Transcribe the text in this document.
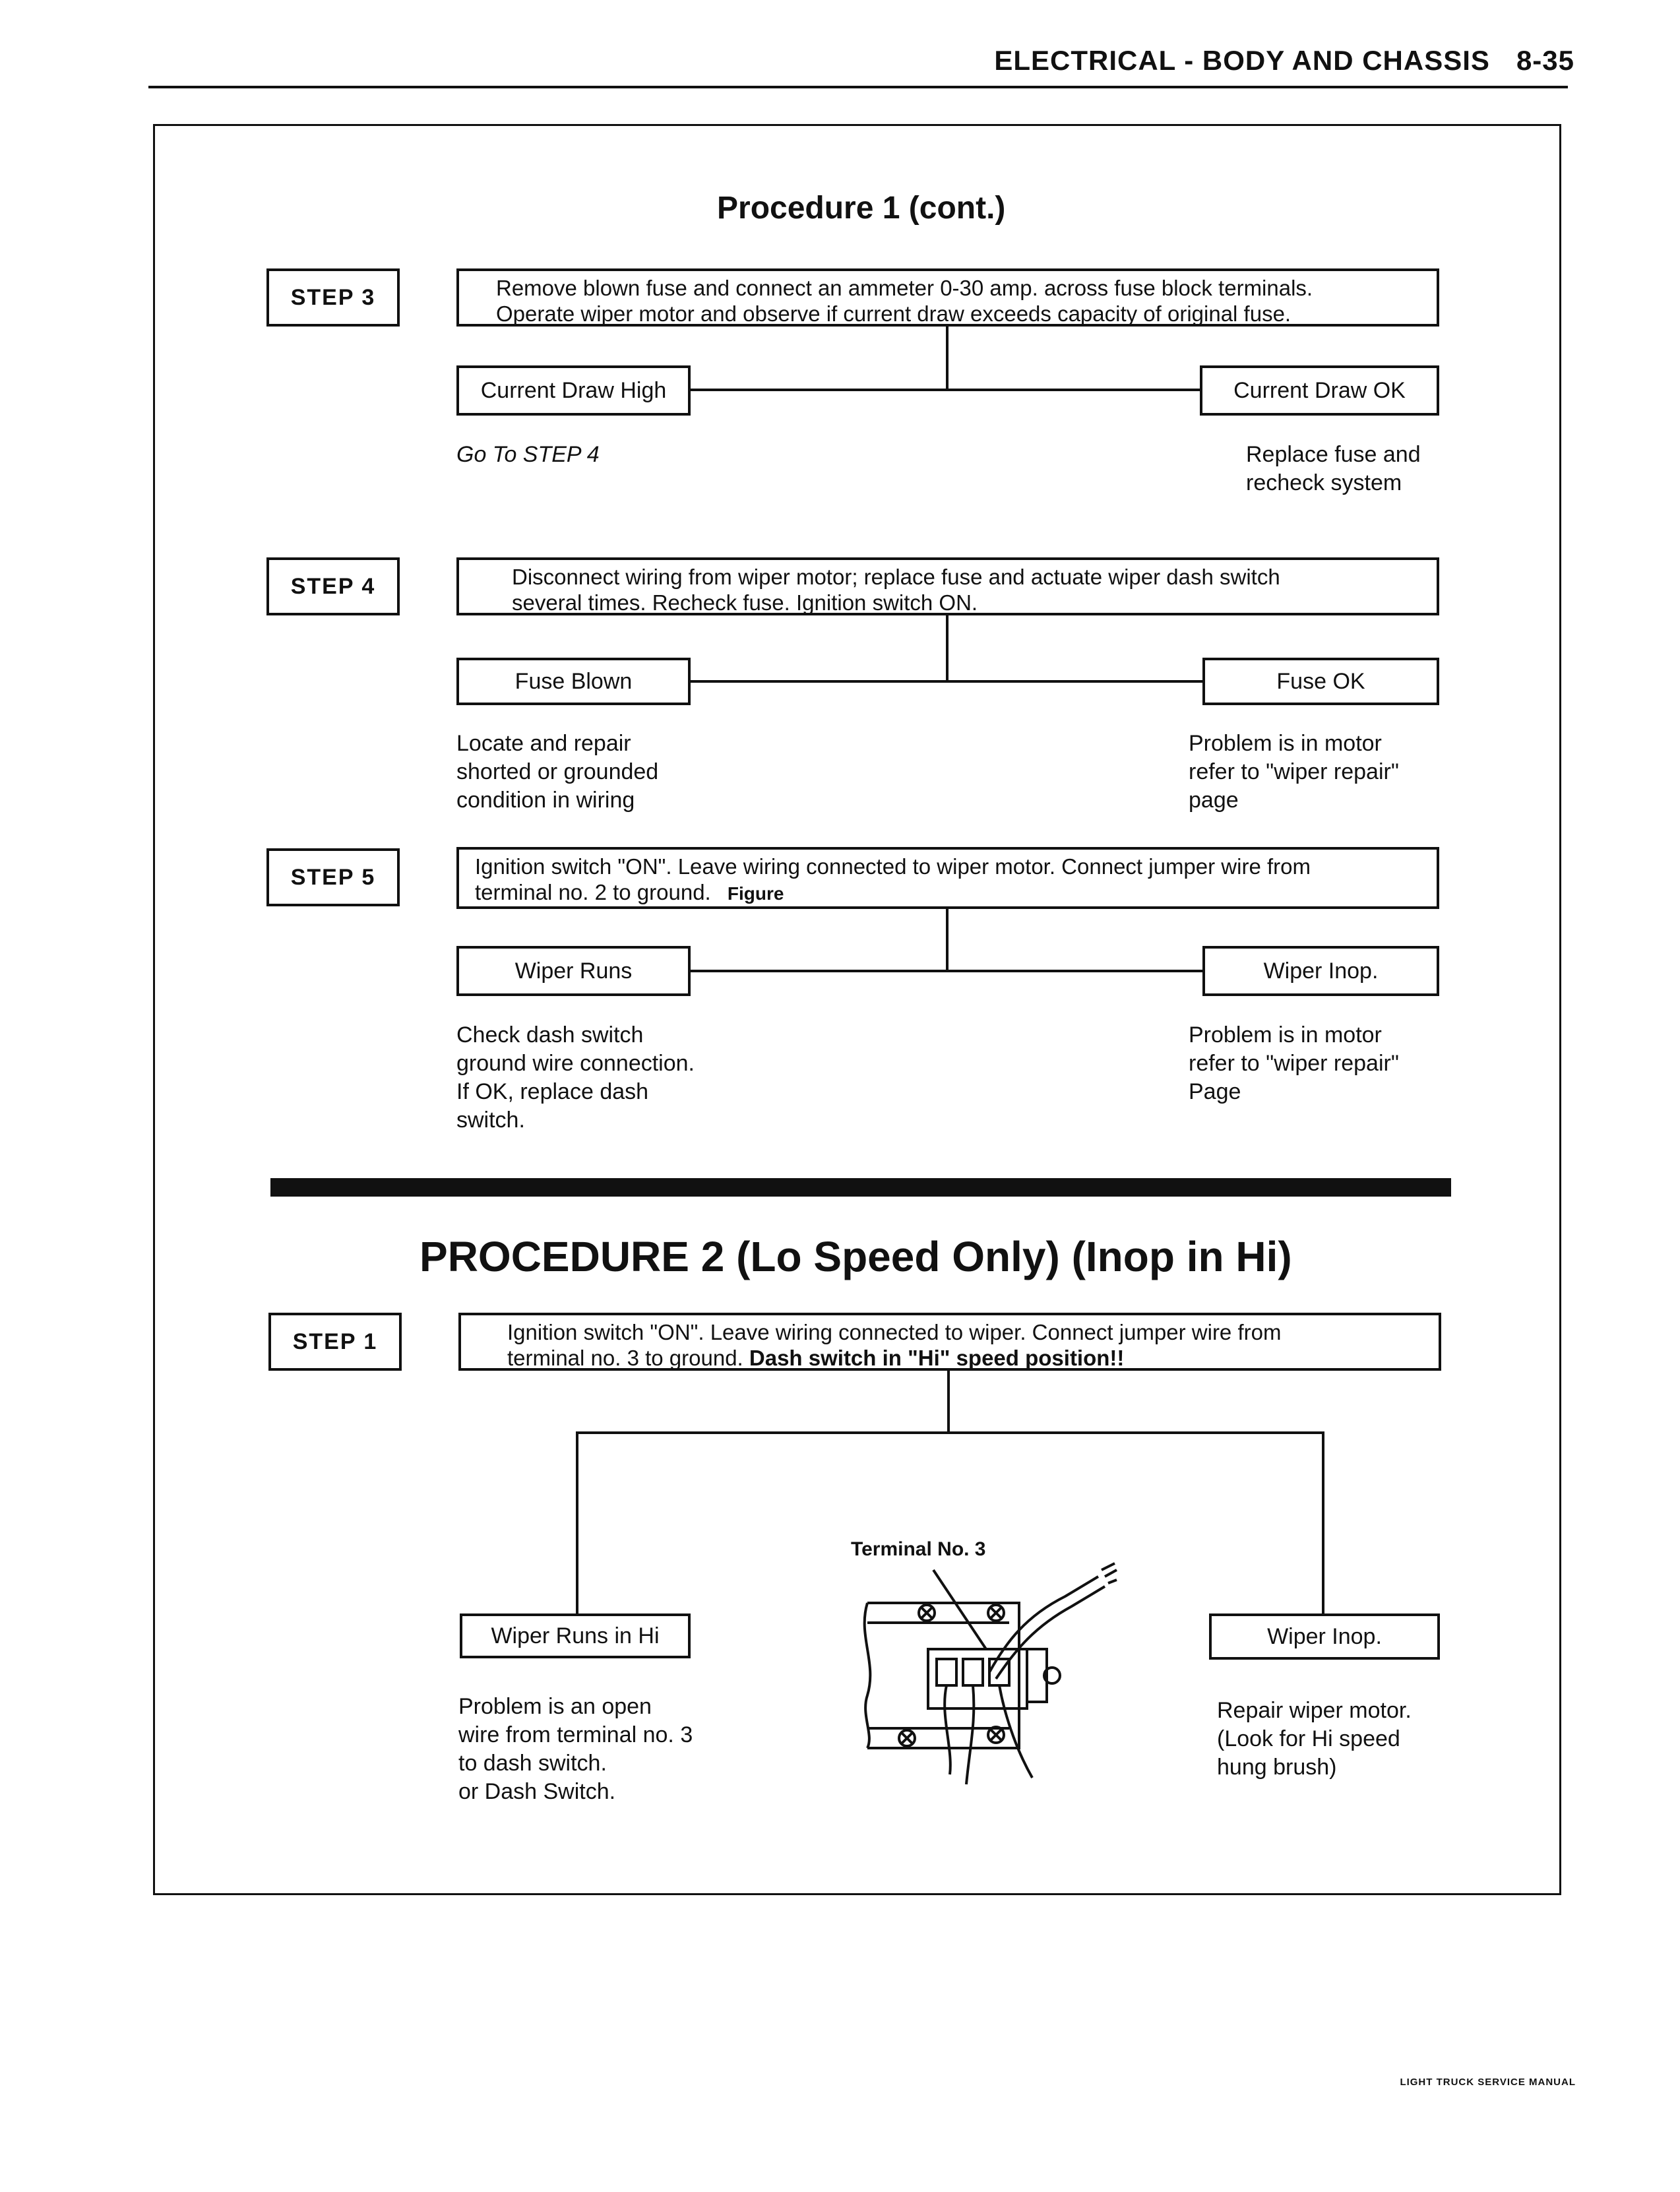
ELECTRICAL - BODY AND CHASSIS 8-35
Procedure 1 (cont.)
STEP 3	Remove blown fuse and connect an ammeter 0-30 amp. across fuse block terminals.
Operate wiper motor and observe if current draw exceeds capacity of original fuse.
Current Draw High	Current Draw OK
Go To STEP 4	Replace fuse and
recheck system
STEP 4	Disconnect wiring from wiper motor; replace fuse and actuate wiper dash switch
several times. Recheck fuse. Ignition switch ON.
Fuse Blown	Fuse OK
Locate and repair
shorted or grounded
condition in wiring
Problem is in motor
refer to "wiper repair"
page
STEP 5	Ignition switch "ON". Leave wiring connected to wiper motor. Connect jumper wire from
terminal no. 2 to ground. Figure
Wiper Runs	Wiper Inop.
Check dash switch
ground wire connection.
If OK, replace dash
switch.
Problem is in motor
refer to "wiper repair"
Page
PROCEDURE 2 (Lo Speed Only) (Inop in Hi)
STEP 1	Ignition switch "ON". Leave wiring connected to wiper. Connect jumper wire from
terminal no. 3 to ground. Dash switch in "Hi" speed position!!
Wiper Runs in Hi	Wiper Inop.
Problem is an open
wire from terminal no. 3
to dash switch.
or Dash Switch.
Repair wiper motor.
(Look for Hi speed
hung brush)
Terminal No. 3
LIGHT TRUCK SERVICE MANUAL
